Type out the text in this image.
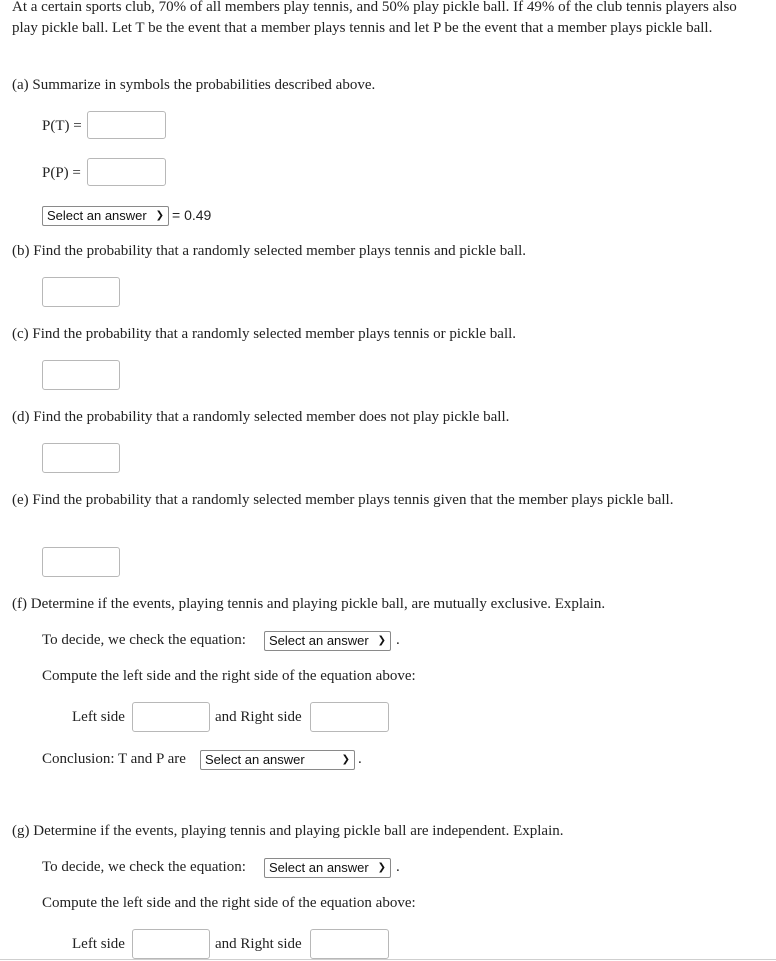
At a certain sports club, 70% of all members play tennis, and 50% play pickle ball. If 49% of the club tennis players also play pickle ball. Let T be the event that a member plays tennis and let P be the event that a member plays pickle ball.
(a) Summarize in symbols the probabilities described above.
P(T) =
P(P) =
Select an answer ❯ = 0.49
(b) Find the probability that a randomly selected member plays tennis and pickle ball.
(c) Find the probability that a randomly selected member plays tennis or pickle ball.
(d) Find the probability that a randomly selected member does not play pickle ball.
(e) Find the probability that a randomly selected member plays tennis given that the member plays pickle ball.
(f) Determine if the events, playing tennis and playing pickle ball, are mutually exclusive. Explain.
To decide, we check the equation:	Select an answer ❯ .
Compute the left side and the right side of the equation above:
Left side	and Right side
Conclusion: T and P are	Select an answer	❯ .
(g) Determine if the events, playing tennis and playing pickle ball are independent. Explain.
To decide, we check the equation:	Select an answer ❯ .
Compute the left side and the right side of the equation above:
Left side	and Right side
